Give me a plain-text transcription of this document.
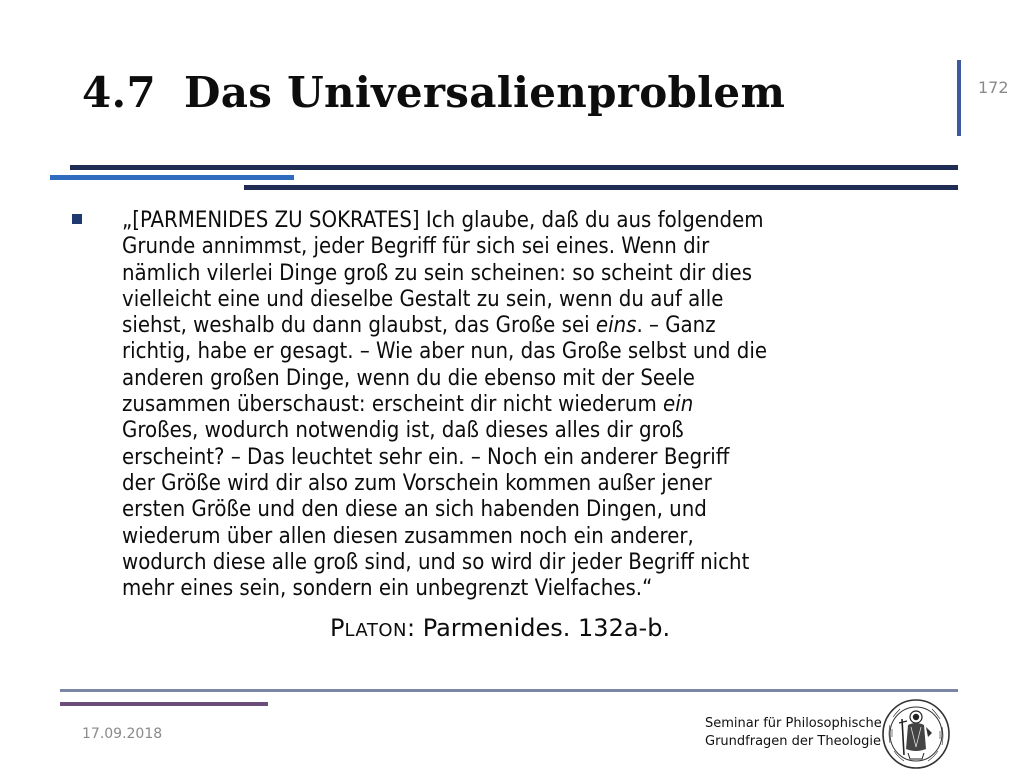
4.7 Das Universalienproblem	172

„[PARMENIDES ZU SOKRATES] Ich glaube, daß du aus folgendem
Grunde annimmst, jeder Begriff für sich sei eines. Wenn dir
nämlich vilerlei Dinge groß zu sein scheinen: so scheint dir dies
vielleicht eine und dieselbe Gestalt zu sein, wenn du auf alle
siehst, weshalb du dann glaubst, das Große sei eins. – Ganz
richtig, habe er gesagt. – Wie aber nun, das Große selbst und die
anderen großen Dinge, wenn du die ebenso mit der Seele
zusammen überschaust: erscheint dir nicht wiederum ein
Großes, wodurch notwendig ist, daß dieses alles dir groß
erscheint? – Das leuchtet sehr ein. – Noch ein anderer Begriff
der Größe wird dir also zum Vorschein kommen außer jener
ersten Größe und den diese an sich habenden Dingen, und
wiederum über allen diesen zusammen noch ein anderer,
wodurch diese alle groß sind, und so wird dir jeder Begriff nicht
mehr eines sein, sondern ein unbegrenzt Vielfaches.“

PLATON: Parmenides. 132a-b.
17.09.2018
Seminar für Philosophische
Grundfragen der Theologie
